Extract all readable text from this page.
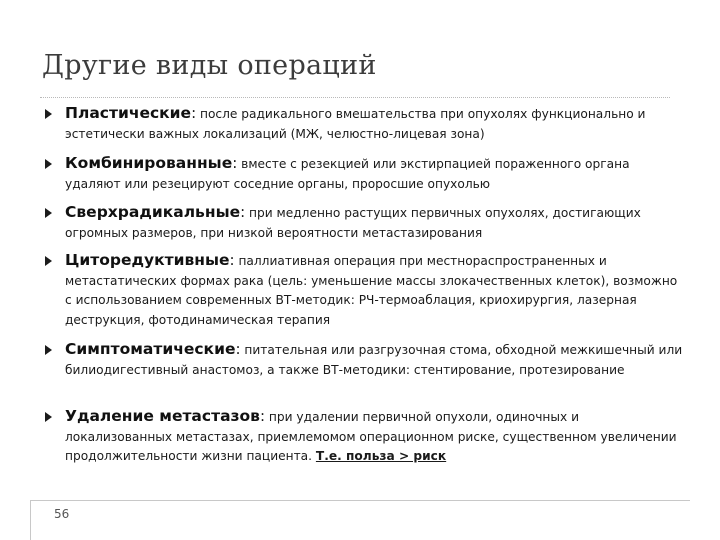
Другие виды операций
Пластические: после радикального вмешательства при опухолях функционально и эстетически важных локализаций (МЖ, челюстно-лицевая зона)
Комбинированные: вместе с резекцией или экстирпацией пораженного органа удаляют или резецируют соседние органы, проросшие опухолью
Сверхрадикальные: при медленно растущих первичных опухолях, достигающих огромных размеров, при низкой вероятности метастазирования
Циторедуктивные: паллиативная операция при местнораспространенных и метастатических формах рака (цель: уменьшение массы злокачественных клеток), возможно с использованием современных ВТ-методик: РЧ-термоаблация, криохирургия, лазерная деструкция, фотодинамическая терапия
Симптоматические: питательная или разгрузочная стома, обходной межкишечный или билиодигестивный анастомоз, а также ВТ-методики: стентирование, протезирование
Удаление метастазов: при удалении первичной опухоли, одиночных и локализованных метастазах, приемлемомом операционном риске, существенном увеличении продолжительности жизни пациента. Т.е. польза > риск
56
